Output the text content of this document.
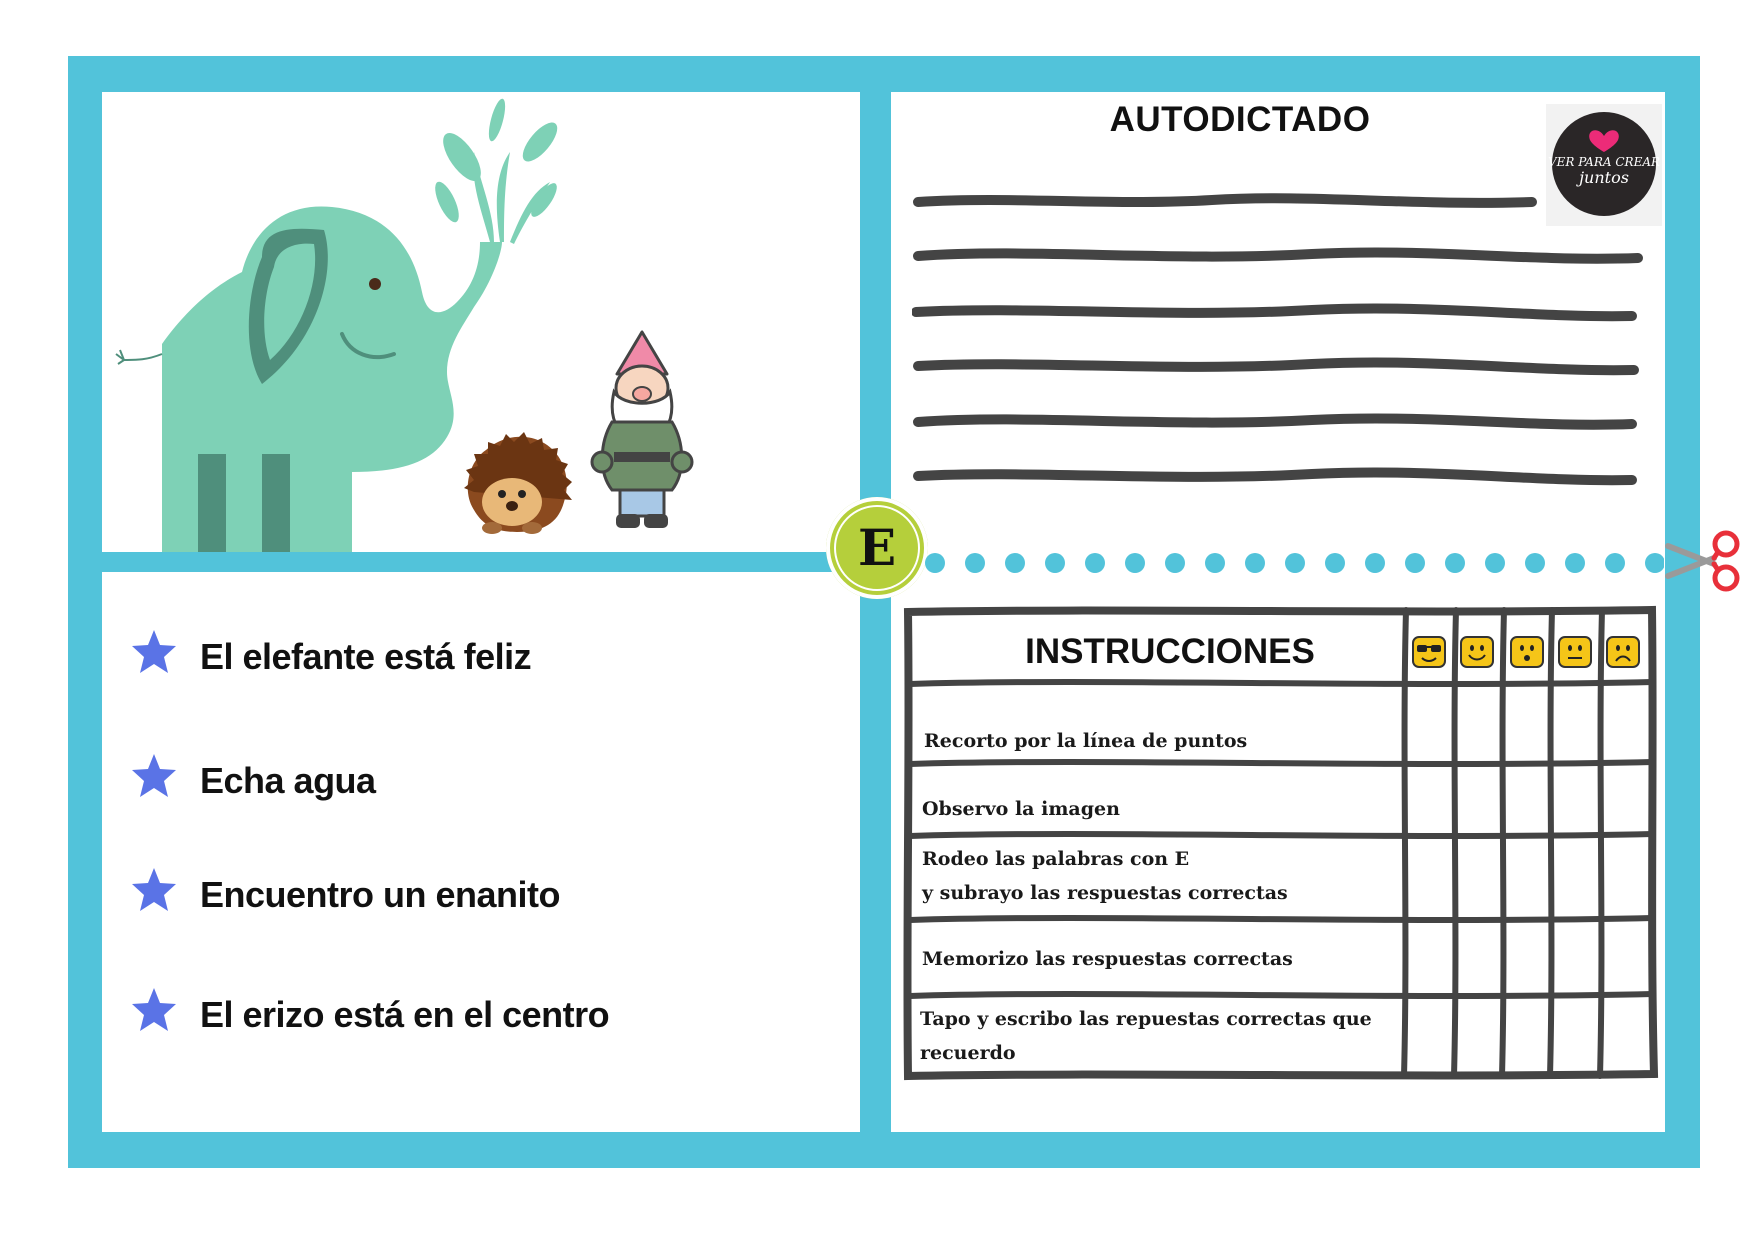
AUTODICTADO
VER PARA CREAR
juntos
E
El elefante está feliz
Echa agua
Encuentro un enanito
El erizo está en el centro
INSTRUCCIONES
Recorto por la línea de puntos
Observo la imagen
Rodeo las palabras con E
y subrayo las respuestas correctas
Memorizo las respuestas correctas
Tapo y escribo las repuestas correctas que
recuerdo
